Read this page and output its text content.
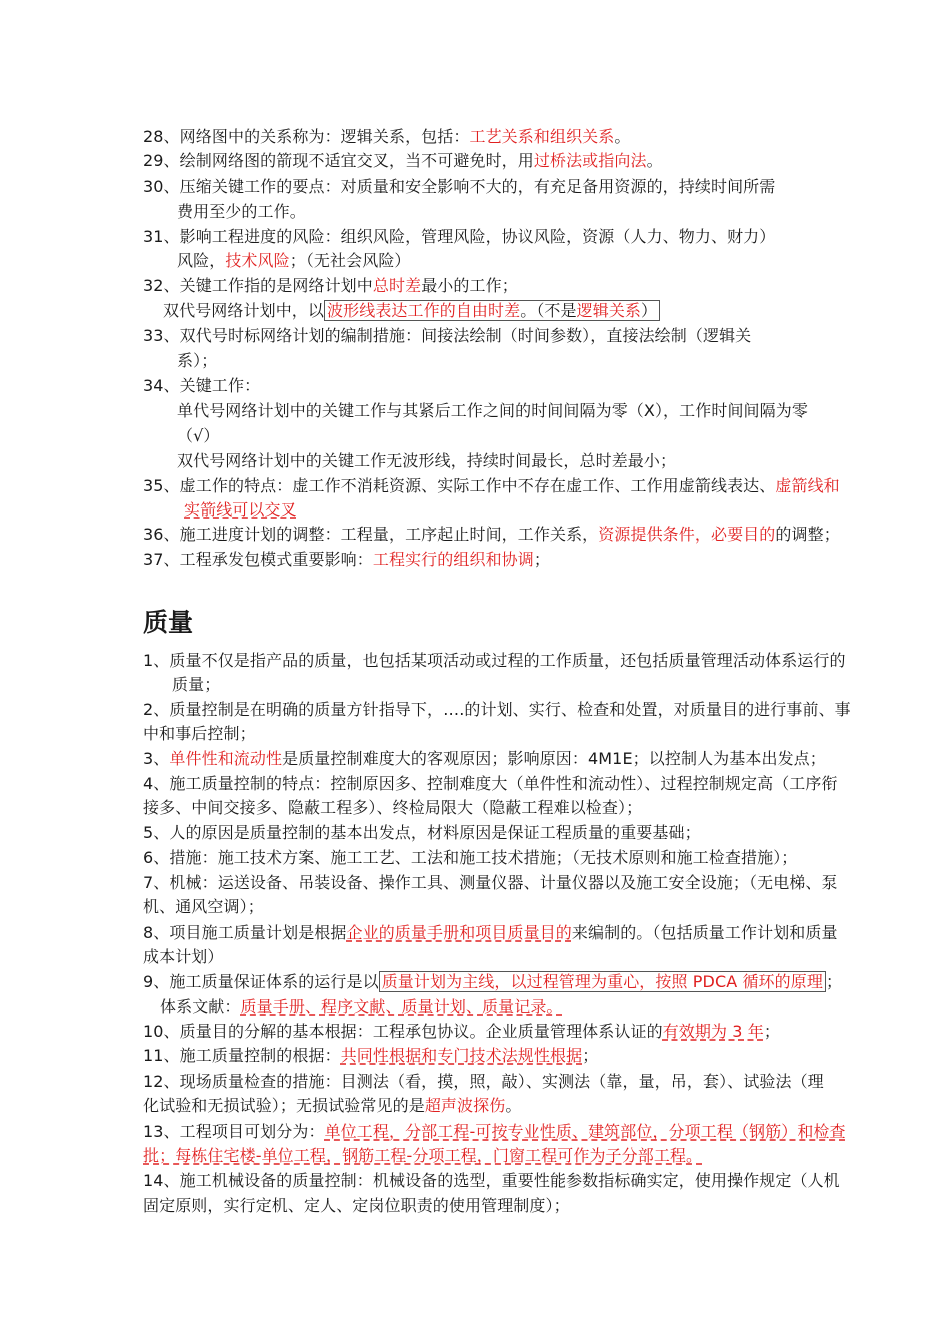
28、网络图中的关系称为：逻辑关系，包括：工艺关系和组织关系。
29、绘制网络图的箭现不适宜交叉，当不可避免时，用过桥法或指向法。
30、压缩关键工作的要点：对质量和安全影响不大的，有充足备用资源的，持续时间所需
费用至少的工作。
31、影响工程进度的风险：组织风险，管理风险，协议风险，资源（人力、物力、财力）
风险，技术风险；（无社会风险）
32、关键工作指的是网络计划中总时差最小的工作；
双代号网络计划中，以 波形线表达工作的自由时差。（不是逻辑关系）
33、双代号时标网络计划的编制措施：间接法绘制（时间参数），直接法绘制（逻辑关
系）；
34、关键工作：
单代号网络计划中的关键工作与其紧后工作之间的时间间隔为零（X），工作时间间隔为零
（√）
双代号网络计划中的关键工作无波形线，持续时间最长，总时差最小；
35、虚工作的特点：虚工作不消耗资源、实际工作中不存在虚工作、工作用虚箭线表达、虚箭线和
实箭线可以交叉
36、施工进度计划的调整：工程量，工序起止时间，工作关系，资源提供条件，必要目的的调整；
37、工程承发包模式重要影响：工程实行的组织和协调；
质量
1、质量不仅是指产品的质量，也包括某项活动或过程的工作质量，还包括质量管理活动体系运行的
质量；
2、质量控制是在明确的质量方针指导下，….的计划、实行、检查和处置，对质量目的进行事前、事
中和事后控制；
3、单件性和流动性是质量控制难度大的客观原因；影响原因：4M1E；以控制人为基本出发点；
4、施工质量控制的特点：控制原因多、控制难度大（单件性和流动性）、过程控制规定高（工序衔
接多、中间交接多、隐蔽工程多）、终检局限大（隐蔽工程难以检查）；
5、人的原因是质量控制的基本出发点，材料原因是保证工程质量的重要基础；
6、措施：施工技术方案、施工工艺、工法和施工技术措施；（无技术原则和施工检查措施）；
7、机械：运送设备、吊装设备、操作工具、测量仪器、计量仪器以及施工安全设施；（无电梯、泵
机、通风空调）；
8、项目施工质量计划是根据企业的质量手册和项目质量目的来编制的。（包括质量工作计划和质量
成本计划）
9、施工质量保证体系的运行是以 质量计划为主线，以过程管理为重心，按照 PDCA 循环的原理 ；
体系文献：质量手册、程序文献、质量计划、质量记录。
10、质量目的分解的基本根据：工程承包协议。企业质量管理体系认证的有效期为 3 年；
11、施工质量控制的根据：共同性根据和专门技术法规性根据；
12、现场质量检查的措施：目测法（看，摸，照，敲）、实测法（靠，量，吊，套）、试验法（理
化试验和无损试验）；无损试验常见的是超声波探伤。
13、工程项目可划分为：单位工程，分部工程-可按专业性质、建筑部位，分项工程（钢筋）和检查
批；每栋住宅楼-单位工程，钢筋工程-分项工程，门窗工程可作为子分部工程。
14、施工机械设备的质量控制：机械设备的选型，重要性能参数指标确实定，使用操作规定（人机
固定原则，实行定机、定人、定岗位职责的使用管理制度）；
